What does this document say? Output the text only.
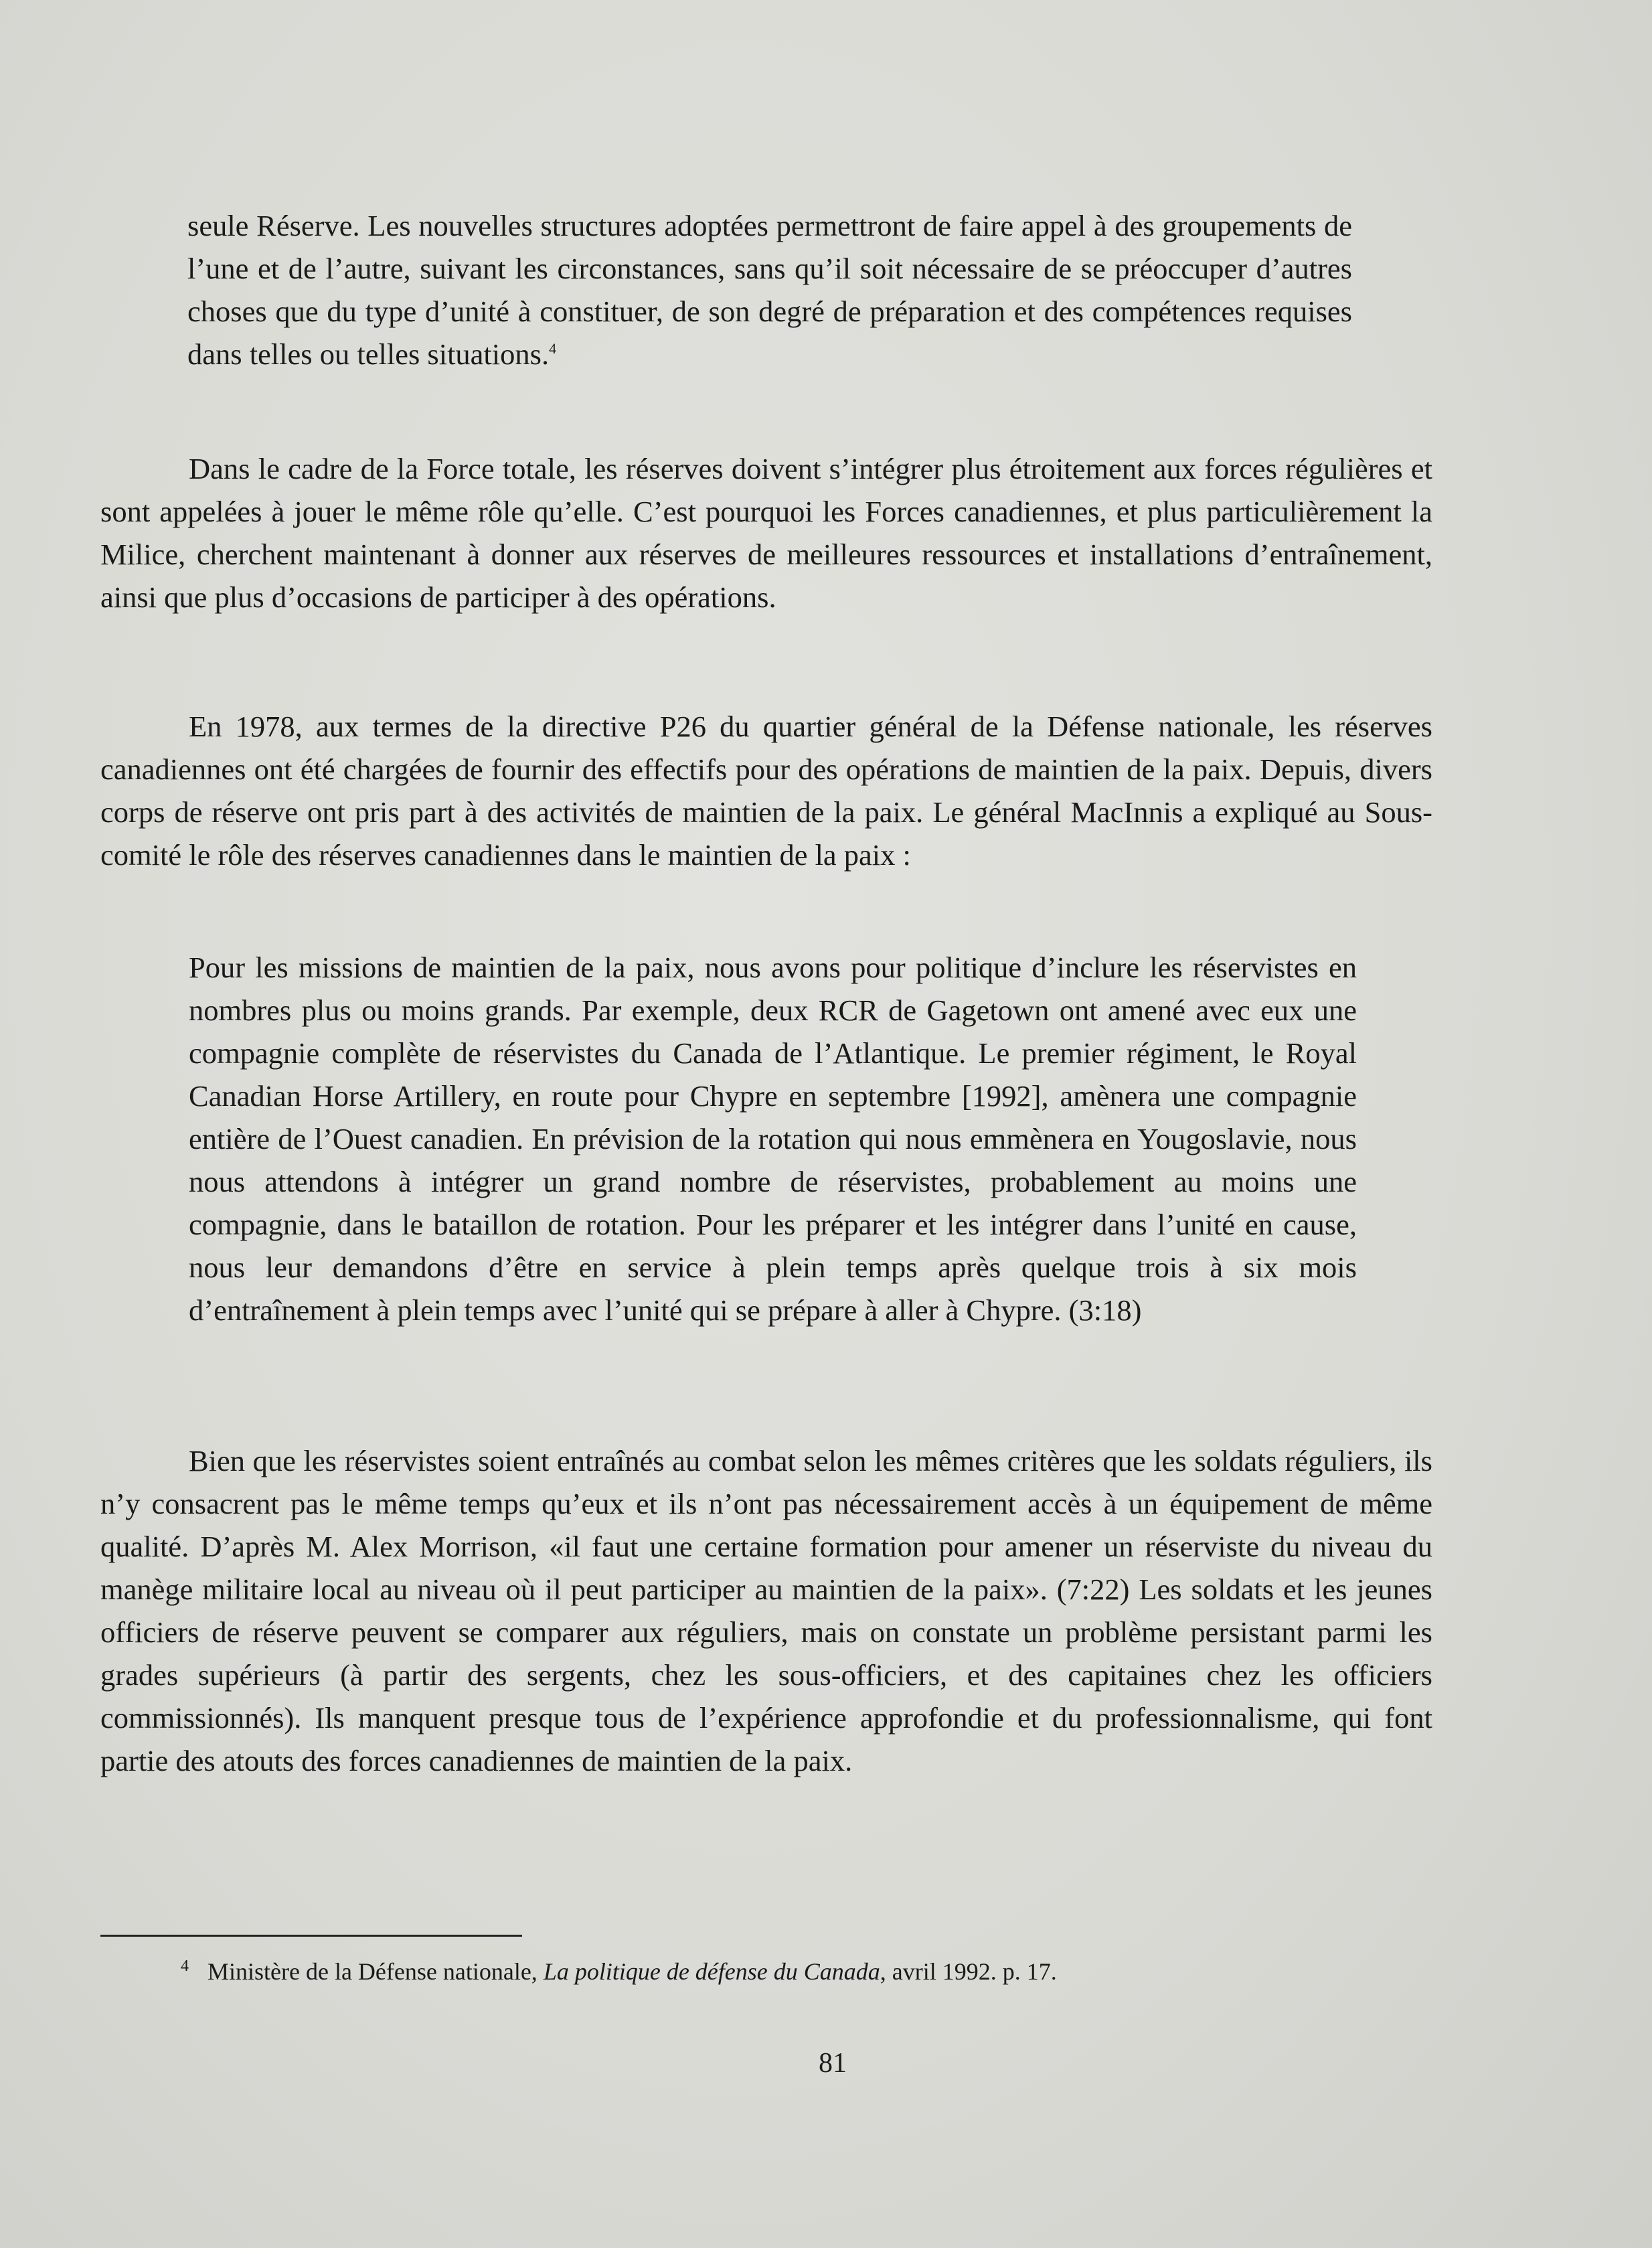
seule Réserve. Les nouvelles structures adoptées permettront de faire appel à des groupements de l’une et de l’autre, suivant les circonstances, sans qu’il soit nécessaire de se préoccuper d’autres choses que du type d’unité à constituer, de son degré de préparation et des compétences requises dans telles ou telles situations.$^4$

Dans le cadre de la Force totale, les réserves doivent s’intégrer plus étroitement aux forces régulières et sont appelées à jouer le même rôle qu’elle. C’est pourquoi les Forces canadiennes, et plus particulièrement la Milice, cherchent maintenant à donner aux réserves de meilleures ressources et installations d’entraînement, ainsi que plus d’occasions de participer à des opérations.

En 1978, aux termes de la directive P26 du quartier général de la Défense nationale, les réserves canadiennes ont été chargées de fournir des effectifs pour des opérations de maintien de la paix. Depuis, divers corps de réserve ont pris part à des activités de maintien de la paix. Le général MacInnis a expliqué au Sous-comité le rôle des réserves canadiennes dans le maintien de la paix :

Pour les missions de maintien de la paix, nous avons pour politique d’inclure les réservistes en nombres plus ou moins grands. Par exemple, deux RCR de Gagetown ont amené avec eux une compagnie complète de réservistes du Canada de l’Atlantique. Le premier régiment, le Royal Canadian Horse Artillery, en route pour Chypre en septembre [1992], amènera une compagnie entière de l’Ouest canadien. En prévision de la rotation qui nous emmènera en Yougoslavie, nous nous attendons à intégrer un grand nombre de réservistes, probablement au moins une compagnie, dans le bataillon de rotation. Pour les préparer et les intégrer dans l’unité en cause, nous leur demandons d’être en service à plein temps après quelque trois à six mois d’entraînement à plein temps avec l’unité qui se prépare à aller à Chypre. (3:18)

Bien que les réservistes soient entraînés au combat selon les mêmes critères que les soldats réguliers, ils n’y consacrent pas le même temps qu’eux et ils n’ont pas nécessairement accès à un équipement de même qualité. D’après M. Alex Morrison, «il faut une certaine formation pour amener un réserviste du niveau du manège militaire local au niveau où il peut participer au maintien de la paix». (7:22) Les soldats et les jeunes officiers de réserve peuvent se comparer aux réguliers, mais on constate un problème persistant parmi les grades supérieurs (à partir des sergents, chez les sous-officiers, et des capitaines chez les officiers commissionnés). Ils manquent presque tous de l’expérience approfondie et du professionnalisme, qui font partie des atouts des forces canadiennes de maintien de la paix.

4 Ministère de la Défense nationale, La politique de défense du Canada, avril 1992. p. 17.
81
